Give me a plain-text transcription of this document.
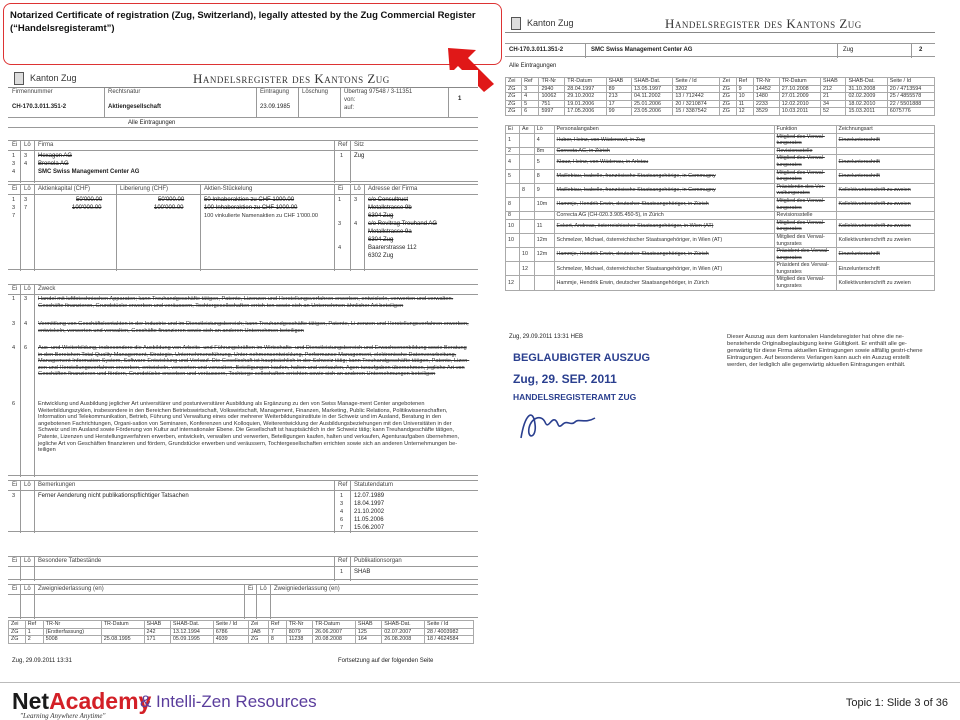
Notarized Certificate of registration (Zug, Switzerland), legally attested by the Zug Commercial Register
(“Handelsregisteramt”)
Kanton Zug	Handelsregister des Kantons Zug
Firmennummer	Rechtsnatur	Eintragung Löschung	Übertrag 97548 / 3-11351
von:
auf:
CH-170.3.011.351-2	Aktiengesellschaft	23.09.1985
1
Alle Eintragungen
Ei Lö Firma	Ref Sitz
1 3 Hexagon AG
3 4 Bronola AG
4	SMC Swiss Management Center AG
1 Zug
Ei Lö Aktienkapital (CHF)	Liberierung (CHF)	Aktien-Stückelung	Ei Lö Adresse der Firma
1 3	50'000.00	50'000.00	50 Inhaberaktien zu CHF 1000.00
3 7	100'000.00	100'000.00	100 Inhaberaktien zu CHF 1000.00
7	100 vinkulierte Namenaktien zu CHF 1'000.00
1 3 c/o Consultrust
Metallstrasse 9b
6304 Zug
3 4 c/o Revitrag Treuhand AG
Metallstrasse 9a
6304 Zug
4	Baarerstrasse 112
6302 Zug
Ei Lö Zweck
1 3 Handel mit luftfotechnischen Apparaten; kann Treuhandgeschäfte tätigen, Patente, Lizenzen und Herstellungsverfahren erwerben, entwickeln, verwerten und verwalten. Geschäfte finanzieren, Grundstücke erwerben und veräussern, Tochtergesellschaften errich-ten sowie sich an Unternehmen ähnlicher Art beteiligen
3 4 Vermittlung von Geschäftskontakten in der Industrie und im Dienstleistungsbereich; kann Treuhandgeschäfte tätigen, Patente, Li-zenzen und Herstellungsverfahren erwerben, entwickeln, verwerten und verwalten, Geschäfte finanzieren sowie sich an anderen Unternehmen beteiligen
4 6 Aus- und Weiterbildung, insbesondere die Ausbildung von Arbeits- und Führungskräften im Wirtschafts- und Dienstleistungsbereich und Erwachsenenbildung sowie Beratung in den Bereichen Total Quality Management, Strategie, Unternehmensführung, Unter-nehmensentwicklung, Performance Management, elektronische Datenverarbeitung, Management Information System, Software-Entwicklung und Verkauf. Die Gesellschaft ist hauptsächlich in der Schweiz tätig; kann Treuhandgeschäfte tätigen, Patente, Lizen-zen und Herstellungsverfahren erwerben, entwickeln, verwerten und verwalten, Beteiligungen kaufen, halten und verkaufen, Agen-turaufgaben übernehmen, jegliche Art von Geschäften finanzieren und fördern, Grundstücke erwerben und veräussern, Tochterge-sellschaften errichten sowie sich an anderen Unternehmungen beteiligen
6	Entwicklung und Ausbildung jeglicher Art universitärer und postuniversitärer Ausbildung als Ergänzung zu den von Swiss Manage-ment Center angebotenen Weiterbildungszyklen, insbesondere in den Bereichen Betriebswirtschaft, Volkswirtschaft, Management, Finanzen, Marketing, Public Relations, Politikwissenschaften, Information und Telekommunikation, Betrieb, Führung und Verwaltung eines oder mehrerer Weiterbildungsinstitute in der Schweiz und im Ausland, Beratung in den angebotenen Fachrichtungen, Organi-sation von Seminaren, Konferenzen und Kolloquien, Weiterentwicklung der Ausbildungsbeziehungen mit den Universitäten in der Schweiz und im Ausland sowie Förderung von Kultur auf internationaler Ebene. Die Gesellschaft ist hauptsächlich in der Schweiz tätig; kann Treuhandgeschäfte tätigen, Patente, Lizenzen und Herstellungsverfahren erwerben, entwickeln, verwalten und verwerten, Beteiligungen kaufen, halten und verkaufen, Agenturaufgaben übernehmen, jegliche Art von Geschäften finanzieren und fördern, Grundstücke erwerben und veräussern, Tochtergesellschaften errichten sowie sich an anderen Unternehmungen be-teiligen
Ei Lö Bemerkungen	Ref Statutendatum
3	Ferner Aenderung nicht publikationspflichtiger Tatsachen	1 12.07.1989
3 18.04.1997
4 21.10.2002
6 11.05.2006
7 15.06.2007
Ei Lö Besondere Tatbestände	Ref Publikationsorgan
1 SHAB
Ei Lö Zweigniederlassung (en)	Ei Lö Zweigniederlassung (en)
Zei	Ref	TR-Nr	TR-Datum	SHAB	SHAB-Dat.	Seite / Id	Zei	Ref	TR-Nr	TR-Datum	SHAB	SHAB-Dat.	Seite / Id
ZG	1	(Erstterfassung)		242	13.12.1994	6786	JAB	7	8079	26.06.2007	125	02.07.2007	28 / 4003982
ZG	2	5008	25.08.1995	171	05.09.1995	4939	ZG	8	11238	20.08.2008	164	26.08.2008	18 / 4624584
Zug, 29.09.2011 13:31	Fortsetzung auf der folgenden Seite
Kanton Zug	Handelsregister des Kantons Zug
CH-170.3.011.351-2	SMC Swiss Management Center AG	Zug	2
Alle Eintragungen
Zei	Ref	TR-Nr	TR-Datum	SHAB	SHAB-Dat.	Seite / Id	Zei	Ref	TR-Nr	TR-Datum	SHAB	SHAB-Dat.	Seite / Id
ZG	3	2940	28.04.1997	89	13.05.1997	3202	ZG	9	14452	27.10.2008	212	31.10.2008	20 / 4713594
ZG	4	10062	29.10.2002	213	04.11.2002	13 / 712442	ZG	10	1480	27.01.2009	21	02.02.2009	25 / 4855578
ZG	5	751	19.01.2006	17	25.01.2006	20 / 3210874	ZG	11	2233	12.02.2010	34	18.02.2010	22 / 5501888
ZG	6	5997	17.05.2006	99	23.05.2006	15 / 3387542	ZG	12	3529	10.03.2011	52	15.03.2011	6075776
Ei	Ae	Lö	Personalangaben	Funktion	Zeichnungsart
1		4	Huber, Heinz, von Wädenswil, in Zug	Mitglied des Verwal-tungsrates	Einzelunterschrift
2		8m	Correcta AG, in Zürich	Revisionsstelle	
4		5	Klauz, Heinz, von Wädenau, in Arlstau	Mitglied des Verwal-tungsrates	Einzelunterschrift
5		8	Maillebiau, Isabelle, französische Staatsangehörige, in Commugny	Mitglied des Verwal-tungsrates	Einzelunterschrift
	8	9	Maillebiau, Isabelle, französische Staatsangehörige, in Commugny	Präsidentin des Ver-waltungsrates	Kollektivunterschrift zu zweien
8		10m	Hammje, Hendrik Erwin, deutscher Staatsangehöriger, in Zürich	Mitglied des Verwal-tungsrates	Kollektivunterschrift zu zweien
8			Correcta AG (CH-020.3.905.450-5), in Zürich	Revisionsstelle	
10		11	Eckert, Andreas, österreichischer Staatsangehöriger, in Wien (AT)	Mitglied des Verwal-tungsrates	Kollektivunterschrift zu zweien
10		12m	Schmelzer, Michael, österreichischer Staatsangehöriger, in Wien (AT)	Mitglied des Verwal-tungsrates	Kollektivunterschrift zu zweien
	10	12m	Hammje, Hendrik Erwin, deutscher Staatsangehöriger, in Zürich	Präsident des Verwal-tungsrates	Einzelunterschrift
	12		Schmelzer, Michael, österreichischer Staatsangehöriger, in Wien (AT)	Präsident des Verwal-tungsrates	Einzelunterschrift
12			Hammje, Hendrik Erwin, deutscher Staatsangehöriger, in Zürich	Mitglied des Verwal-tungsrates	Kollektivunterschrift zu zweien
Zug, 29.09.2011 13:31 HEB
BEGLAUBIGTER AUSZUG
Zug, 29. SEP. 2011
HANDELSREGISTERAMT ZUG
Dieser Auszug aus dem kantonalen Handelsregister hat ohne die ne-benstehende Originalbeglaubigung keine Gültigkeit. Er enthält alle ge-genwärtig für diese Firma aktuellen Eintragungen sowie allfällig gestri-chene Eintragungen. Auf besonderes Verlangen kann auch ein Auszug erstellt werden, der lediglich alle gegenwärtig aktuellen Eintragungen enthält.
NetAcademy
& Intelli-Zen Resources
"Learning Anywhere Anytime"
Topic 1: Slide 3 of 36
